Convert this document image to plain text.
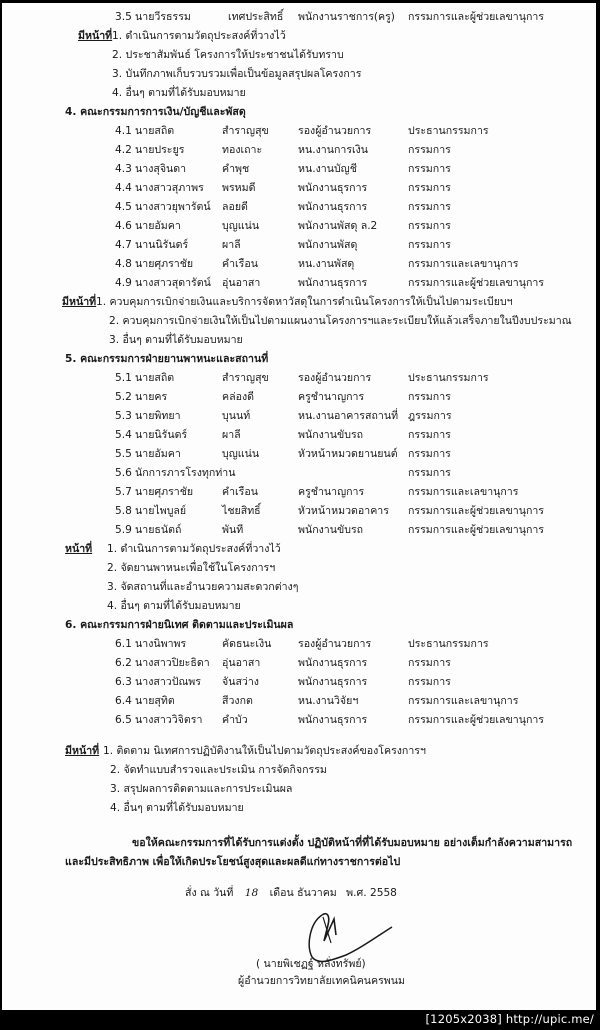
3.5 นายวีรธรรม	เทศประสิทธิ์ พนักงานราชการ(ครู) กรรมการและผู้ช่วยเลขานุการ
มีหน้าที่ 1. ดำเนินการตามวัตถุประสงค์ที่วางไว้
2. ประชาสัมพันธ์ โครงการให้ประชาชนได้รับทราบ
3. บันทึกภาพเก็บรวบรวมเพื่อเป็นข้อมูลสรุปผลโครงการ
4. อื่นๆ ตามที่ได้รับมอบหมาย
4. คณะกรรมการการเงิน/บัญชีและพัสดุ
4.1 นายสถิต	สำราญสุข	รองผู้อำนวยการ	ประธานกรรมการ
4.2 นายประยูร	ทองเถาะ	หน.งานการเงิน	กรรมการ
4.3 นางสุจินดา	คำพุช	หน.งานบัญชี	กรรมการ
4.4 นางสาวสุภาพร พรหมดี	พนักงานธุรการ	กรรมการ
4.5 นางสาวยุพารัตน์ ลอยดี	พนักงานธุรการ	กรรมการ
4.6 นายอัมคา	บุญแน่น	พนักงานพัสดุ ล.2	กรรมการ
4.7 นานนิรันดร์	ผาลี	พนักงานพัสดุ	กรรมการ
4.8 นายศุภราชัย	คำเรือน	หน.งานพัสดุ	กรรมการและเลขานุการ
4.9 นางสาวสุดารัตน์ อุ่นอาสา	พนักงานธุรการ	กรรมการและผู้ช่วยเลขานุการ
มีหน้าที่ 1. ควบคุมการเบิกจ่ายเงินและบริการจัดหาวัสดุในการดำเนินโครงการให้เป็นไปตามระเบียบฯ
2. ควบคุมการเบิกจ่ายเงินให้เป็นไปตามแผนงานโครงการฯและระเบียบให้แล้วเสร็จภายในปีงบประมาณ
3. อื่นๆ ตามที่ได้รับมอบหมาย
5. คณะกรรมการฝ่ายยานพาหนะและสถานที่
5.1 นายสถิต	สำราญสุข	รองผู้อำนวยการ	ประธานกรรมการ
5.2 นายคร	คล่องดี	ครูชำนาญการ	กรรมการ
5.3 นายพิทยา	บุนนท์	หน.งานอาคารสถานที่ ฎรรมการ
5.4 นายนิรันดร์	ผาลี	พนักงานขับรถ	กรรมการ
5.5 นายอัมคา	บุญแน่น	หัวหน้าหมวดยานยนต์ กรรมการ
5.6 นักการภารโรงทุกท่าน	กรรมการ
5.7 นายศุภราชัย	คำเรือน	ครูชำนาญการ	กรรมการและเลขานุการ
5.8 นายไพบูลย์	ไชยสิทธิ์	หัวหน้าหมวดอาคาร กรรมการและผู้ช่วยเลขานุการ
5.9 นายธนัตถ์	พันที	พนักงานขับรถ	กรรมการและผู้ช่วยเลขานุการ
หน้าที่ 1. ดำเนินการตามวัตถุประสงค์ที่วางไว้
2. จัดยานพาหนะเพื่อใช้ในโครงการฯ
3. จัดสถานที่และอำนวยความสะดวกต่างๆ
4. อื่นๆ ตามที่ได้รับมอบหมาย
6. คณะกรรมการฝ่ายนิเทศ ติดตามและประเมินผล
6.1 นางนิพาพร	คัดธนะเงิน	รองผู้อำนวยการ	ประธานกรรมการ
6.2 นางสาวปิยะธิดา อุ่นอาสา	พนักงานธุรการ	กรรมการ
6.3 นางสาวปัณพร จันสว่าง	พนักงานธุรการ	กรรมการ
6.4 นายสุทิต	สีวงกต	หน.งานวิจัยฯ	กรรมการและเลขานุการ
6.5 นางสาววิจิตรา คำบัว	พนักงานธุรการ	กรรมการและผู้ช่วยเลขานุการ
มีหน้าที่ 1. ติดตาม นิเทศการปฏิบัติงานให้เป็นไปตามวัตถุประสงค์ของโครงการฯ
2. จัดทำแบบสำรวจและประเมิน การจัดกิจกรรม
3. สรุปผลการติดตามและการประเมินผล
4. อื่นๆ ตามที่ได้รับมอบหมาย
ขอให้คณะกรรมการที่ได้รับการแต่งตั้ง ปฏิบัติหน้าที่ที่ได้รับมอบหมาย อย่างเต็มกำลังความสามารถ
และมีประสิทธิภาพ เพื่อให้เกิดประโยชน์สูงสุดและผลดีแก่ทางราชการต่อไป
สั่ง ณ วันที่ 18 เดือน ธันวาคม พ.ศ. 2558
( นายพิเชฏฐ์ หลั่งทรัพย์)
ผู้อำนวยการวิทยาลัยเทคนิคนครพนม
[1205x2038] http://upic.me/
